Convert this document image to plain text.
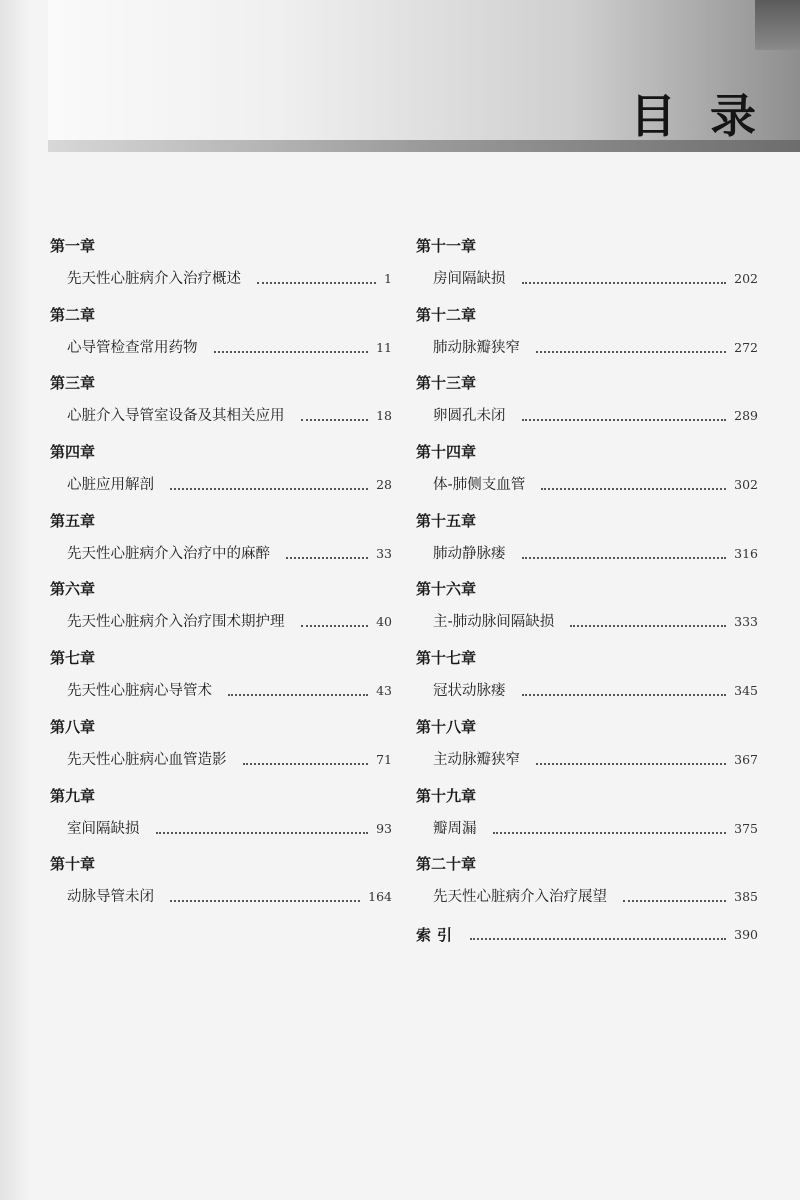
目录
第一章
先天性心脏病介入治疗概述	1
第二章
心导管检查常用药物	11
第三章
心脏介入导管室设备及其相关应用	18
第四章
心脏应用解剖	28
第五章
先天性心脏病介入治疗中的麻醉	33
第六章
先天性心脏病介入治疗围术期护理	40
第七章
先天性心脏病心导管术	43
第八章
先天性心脏病心血管造影	71
第九章
室间隔缺损	93
第十章
动脉导管未闭	164
第十一章
房间隔缺损	202
第十二章
肺动脉瓣狭窄	272
第十三章
卵圆孔未闭	289
第十四章
体-肺侧支血管	302
第十五章
肺动静脉瘘	316
第十六章
主-肺动脉间隔缺损	333
第十七章
冠状动脉瘘	345
第十八章
主动脉瓣狭窄	367
第十九章
瓣周漏	375
第二十章
先天性心脏病介入治疗展望	385
索引	390
